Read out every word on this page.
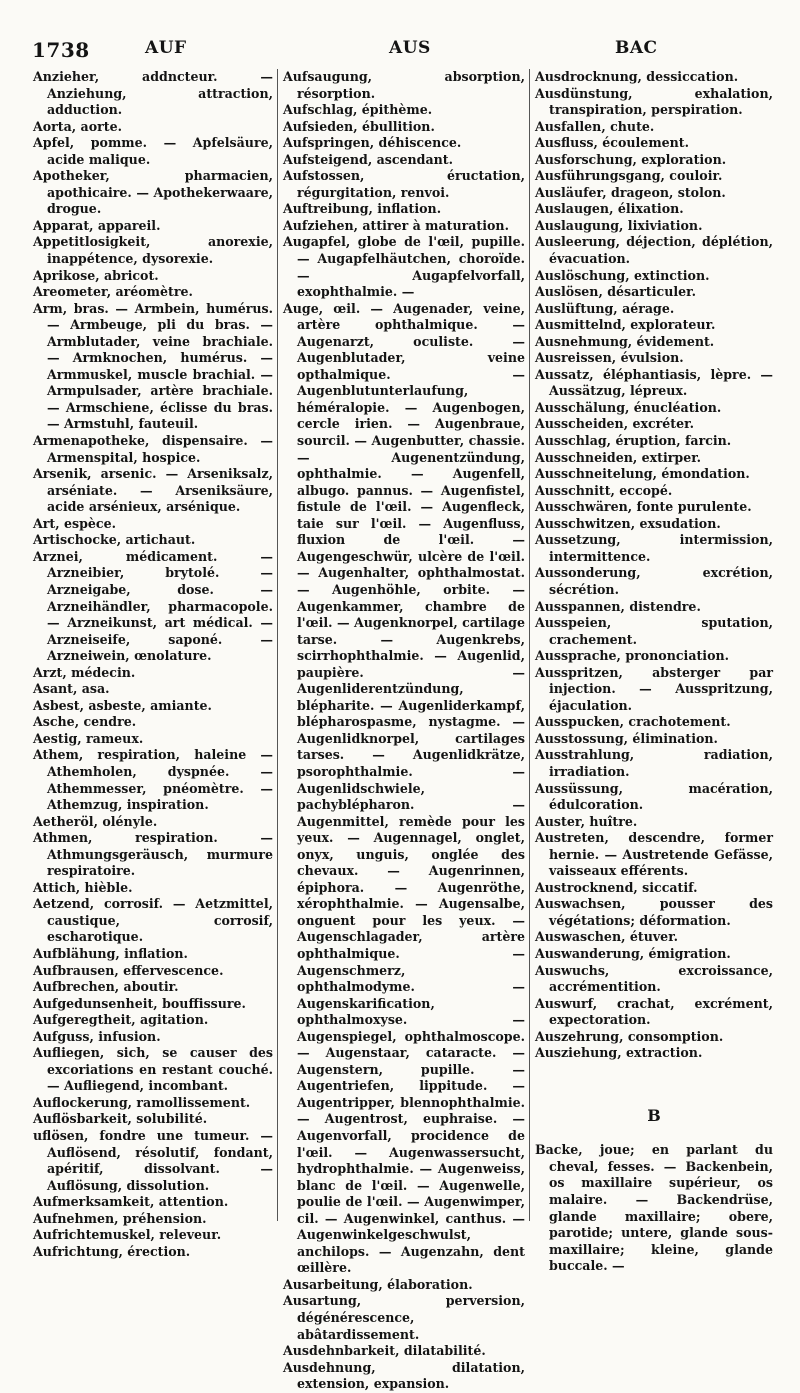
1738	AUF	AUS	BAC
Anzieher, addncteur. — Anziehung, attraction, adduction.
Aorta, aorte.
Apfel, pomme. — Apfelsäure, acide malique.
Apotheker, pharmacien, apothicaire. — Apothekerwaare, drogue.
Apparat, appareil.
Appetitlosigkeit, anorexie, inappétence, dysorexie.
Aprikose, abricot.
Areometer, aréomètre.
Arm, bras. — Armbein, humérus. — Armbeuge, pli du bras. — Armblutader, veine brachiale. — Armknochen, humérus. — Armmuskel, muscle brachial. — Armpulsader, artère brachiale. — Armschiene, éclisse du bras. — Armstuhl, fauteuil.
Armenapotheke, dispensaire. — Armenspital, hospice.
Arsenik, arsenic. — Arseniksalz, arséniate. — Arseniksäure, acide arsénieux, arsénique.
Art, espèce.
Artischocke, artichaut.
Arznei, médicament. — Arzneibier, brytolé. — Arzneigabe, dose. — Arzneihändler, pharmacopole. — Arzneikunst, art médical. — Arzneiseife, saponé. — Arzneiwein, œnolature.
Arzt, médecin.
Asant, asa.
Asbest, asbeste, amiante.
Asche, cendre.
Aestig, rameux.
Athem, respiration, haleine — Athemholen, dyspnée. — Athemmesser, pnéomètre. — Athemzug, inspiration.
Aetheröl, olényle.
Athmen, respiration. — Athmungsgeräusch, murmure respiratoire.
Attich, hièble.
Aetzend, corrosif. — Aetzmittel, caustique, corrosif, escharotique.
Aufblähung, inflation.
Aufbrausen, effervescence.
Aufbrechen, aboutir.
Aufgedunsenheit, bouffissure.
Aufgeregtheit, agitation.
Aufguss, infusion.
Aufliegen, sich, se causer des excoriations en restant couché. — Aufliegend, incombant.
Auflockerung, ramollissement.
Auflösbarkeit, solubilité.
uflösen, fondre une tumeur. — Auflösend, résolutif, fondant, apéritif, dissolvant. — Auflösung, dissolution.
Aufmerksamkeit, attention.
Aufnehmen, préhension.
Aufrichtemuskel, releveur.
Aufrichtung, érection.
Aufsaugung, absorption, résorption.
Aufschlag, épithème.
Aufsieden, ébullition.
Aufspringen, déhiscence.
Aufsteigend, ascendant.
Aufstossen, éructation, régurgitation, renvoi.
Auftreibung, inflation.
Aufziehen, attirer à maturation.
Augapfel, globe de l'œil, pupille. — Augapfelhäutchen, choroïde. — Augapfelvorfall, exophthalmie. —
Auge, œil. — Augenader, veine, artère ophthalmique. — Augenarzt, oculiste. — Augenblutader, veine opthalmique. — Augenblutunterlaufung, héméralopie. — Augenbogen, cercle irien. — Augenbraue, sourcil. — Augenbutter, chassie. — Augenentzündung, ophthalmie. — Augenfell, albugo. pannus. — Augenfistel, fistule de l'œil. — Augenfleck, taie sur l'œil. — Augenfluss, fluxion de l'œil. — Augengeschwür, ulcère de l'œil. — Augenhalter, ophthalmostat. — Augenhöhle, orbite. — Augenkammer, chambre de l'œil. — Augenknorpel, cartilage tarse. — Augenkrebs, scirrhophthalmie. — Augenlid, paupière. — Augenliderentzündung, blépharite. — Augenliderkampf, blépharospasme, nystagme. — Augenlidknorpel, cartilages tarses. — Augenlidkrätze, psorophthalmie. — Augenlidschwiele, pachyblépharon. — Augenmittel, remède pour les yeux. — Augennagel, onglet, onyx, unguis, onglée des chevaux. — Augenrinnen, épiphora. — Augenröthe, xérophthalmie. — Augensalbe, onguent pour les yeux. — Augenschlagader, artère ophthalmique. — Augenschmerz, ophthalmodyme. — Augenskarification, ophthalmoxyse. — Augenspiegel, ophthalmoscope. — Augenstaar, cataracte. — Augenstern, pupille. — Augentriefen, lippitude. — Augentripper, blennophthalmie. — Augentrost, euphraise. — Augenvorfall, procidence de l'œil. — Augenwassersucht, hydrophthalmie. — Augenweiss, blanc de l'œil. — Augenwelle, poulie de l'œil. — Augenwimper, cil. — Augenwinkel, canthus. — Augenwinkelgeschwulst, anchilops. — Augenzahn, dent œillère.
Ausarbeitung, élaboration.
Ausartung, perversion, dégénérescence, abâtardissement.
Ausdehnbarkeit, dilatabilité.
Ausdehnung, dilatation, extension, expansion.
Ausdrocknung, dessiccation.
Ausdünstung, exhalation, transpiration, perspiration.
Ausfallen, chute.
Ausfluss, écoulement.
Ausforschung, exploration.
Ausführungsgang, couloir.
Ausläufer, drageon, stolon.
Auslaugen, élixation.
Auslaugung, lixiviation.
Ausleerung, déjection, déplétion, évacuation.
Auslöschung, extinction.
Auslösen, désarticuler.
Auslüftung, aérage.
Ausmittelnd, explorateur.
Ausnehmung, évidement.
Ausreissen, évulsion.
Aussatz, éléphantiasis, lèpre. — Aussätzug, lépreux.
Ausschälung, énucléation.
Ausscheiden, excréter.
Ausschlag, éruption, farcin.
Ausschneiden, extirper.
Ausschneitelung, émondation.
Ausschnitt, eccopé.
Ausschwären, fonte purulente.
Ausschwitzen, exsudation.
Aussetzung, intermission, intermittence.
Aussonderung, excrétion, sécrétion.
Ausspannen, distendre.
Ausspeien, sputation, crachement.
Aussprache, prononciation.
Ausspritzen, absterger par injection. — Ausspritzung, éjaculation.
Ausspucken, crachotement.
Ausstossung, élimination.
Ausstrahlung, radiation, irradiation.
Aussüssung, macération, édulcoration.
Auster, huître.
Austreten, descendre, former hernie. — Austretende Gefässe, vaisseaux efférents.
Austrocknend, siccatif.
Auswachsen, pousser des végétations; déformation.
Auswaschen, étuver.
Auswanderung, émigration.
Auswuchs, excroissance, accrémentition.
Auswurf, crachat, excrément, expectoration.
Auszehrung, consomption.
Ausziehung, extraction.
B
Backe, joue; en parlant du cheval, fesses. — Backenbein, os maxillaire supérieur, os malaire. — Backendrüse, glande maxillaire; obere, parotide; untere, glande sous-maxillaire; kleine, glande buccale. —
